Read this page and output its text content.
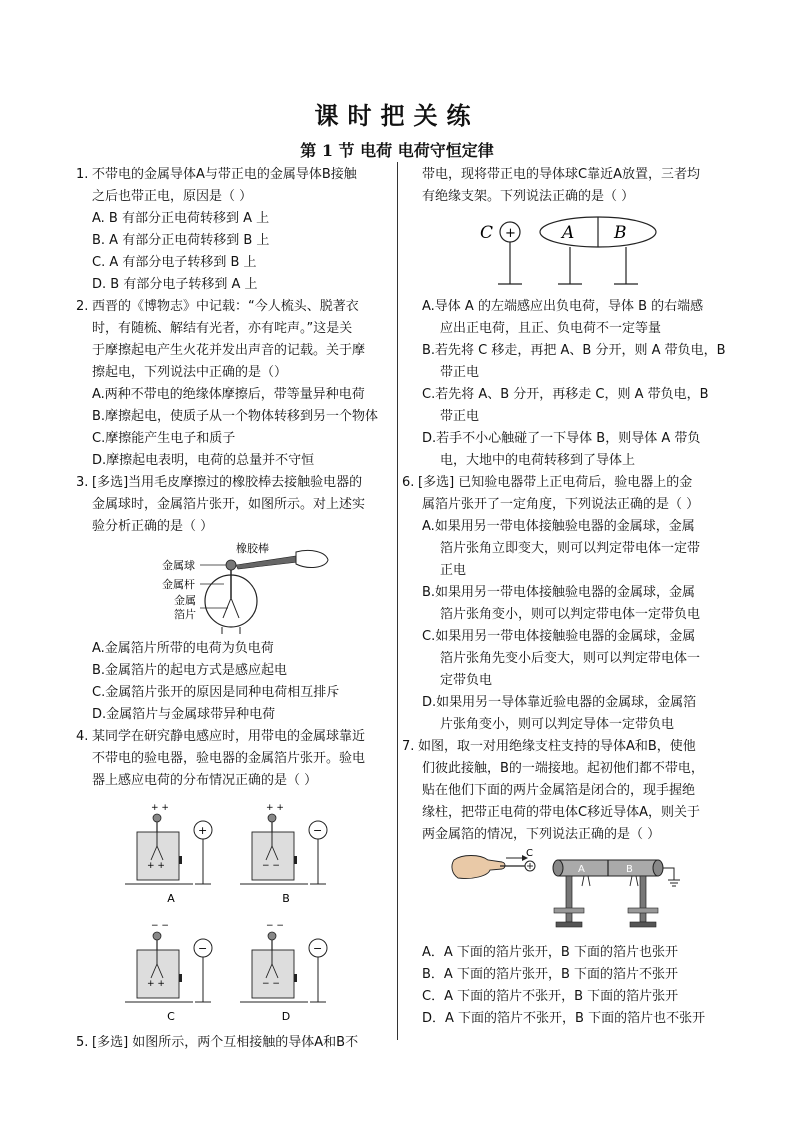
课时把关练
第 1 节 电荷 电荷守恒定律
1. 不带电的金属导体A与带正电的金属导体B接触
之后也带正电，原因是（ ）
A. B 有部分正电荷转移到 A 上
B. A 有部分正电荷转移到 B 上
C. A 有部分电子转移到 B 上
D. B 有部分电子转移到 A 上
2. 西晋的《博物志》中记载：“今人梳头、脱著衣
时，有随梳、解结有光者，亦有咤声。”这是关
于摩擦起电产生火花并发出声音的记载。关于摩
擦起电，下列说法中正确的是（）
A.两种不带电的绝缘体摩擦后，带等量异种电荷
B.摩擦起电，使质子从一个物体转移到另一个物体
C.摩擦能产生电子和质子
D.摩擦起电表明，电荷的总量并不守恒
3. [多选]当用毛皮摩擦过的橡胶棒去接触验电器的
金属球时，金属箔片张开，如图所示。对上述实
验分析正确的是（ ）
橡胶棒
金属球
金属杆
金属
箔片
A.金属箔片所带的电荷为负电荷
B.金属箔片的起电方式是感应起电
C.金属箔片张开的原因是同种电荷相互排斥
D.金属箔片与金属球带异种电荷
4. 某同学在研究静电感应时，用带电的金属球靠近
不带电的验电器，验电器的金属箔片张开。验电
器上感应电荷的分布情况正确的是（ ）
+ +
+ +
+
A
+ +
− −
−
B
− −
+ +
−
C
− −
− −
−
D
5. [多选] 如图所示，两个互相接触的导体A和B不
带电，现将带正电的导体球C靠近A放置，三者均
有绝缘支架。下列说法正确的是（ ）
C +	A B
A.导体 A 的左端感应出负电荷，导体 B 的右端感
应出正电荷，且正、负电荷不一定等量
B.若先将 C 移走，再把 A、B 分开，则 A 带负电，B
带正电
C.若先将 A、B 分开，再移走 C，则 A 带负电，B
带正电
D.若手不小心触碰了一下导体 B，则导体 A 带负
电，大地中的电荷转移到了导体上
6. [多选] 已知验电器带上正电荷后，验电器上的金
属箔片张开了一定角度，下列说法正确的是（ ）
A.如果用另一带电体接触验电器的金属球，金属
箔片张角立即变大，则可以判定带电体一定带
正电
B.如果用另一带电体接触验电器的金属球，金属
箔片张角变小，则可以判定带电体一定带负电
C.如果用另一带电体接触验电器的金属球，金属
箔片张角先变小后变大，则可以判定带电体一
定带负电
D.如果用另一导体靠近验电器的金属球，金属箔
片张角变小，则可以判定导体一定带负电
7. 如图，取一对用绝缘支柱支持的导体A和B，使他
们彼此接触，B的一端接地。起初他们都不带电，
贴在他们下面的两片金属箔是闭合的，现手握绝
缘柱，把带正电荷的带电体C移近导体A，则关于
两金属箔的情况，下列说法正确的是（ ）
C
A	B
A．A 下面的箔片张开，B 下面的箔片也张开
B．A 下面的箔片张开，B 下面的箔片不张开
C．A 下面的箔片不张开，B 下面的箔片张开
D．A 下面的箔片不张开，B 下面的箔片也不张开
